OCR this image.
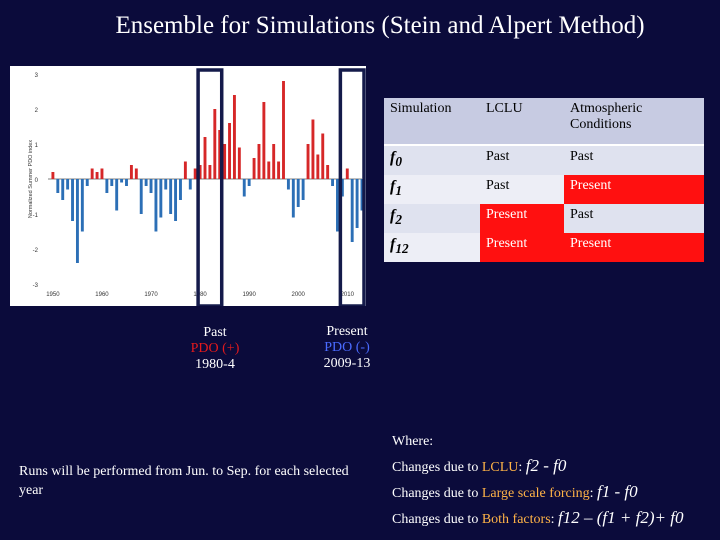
Ensemble for Simulations (Stein and Alpert Method)
3
2
1
0
-1
-2
-3
1950	1960	1970	1980	1990	2000	2010
Normalized Summer PDO index
Past
PDO (+)
1980-4
Present
PDO (-)
2009-13
Simulation	LCLU	Atmospheric Conditions
$f_0$	Past	Past
$f_1$	Past	Present
$f_2$	Present	Past
$f_{12}$	Present	Present
Runs will be performed from Jun. to Sep. for each selected year
Where:
Changes due to LCLU: f2 - f0
Changes due to Large scale forcing: f1 - f0
Changes due to Both factors: f12 – (f1 + f2)+ f0
